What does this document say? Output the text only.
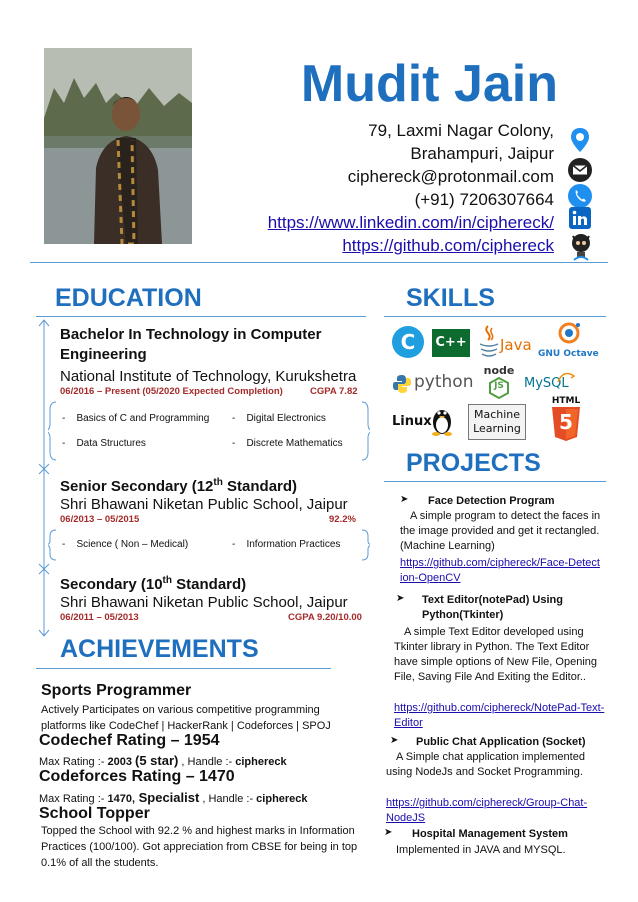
Mudit Jain
79, Laxmi Nagar Colony,
Brahampuri, Jaipur
ciphereck@protonmail.com
(+91) 7206307664
https://www.linkedin.com/in/ciphereck/
https://github.com/ciphereck
EDUCATION
Bachelor In Technology in Computer Engineering
National Institute of Technology, Kurukshetra
06/2016 – Present (05/2020 Expected Completion)	CGPA 7.82
-    Basics of C and Programming -    Digital Electronics
-    Data Structures	-    Discrete Mathematics
Senior Secondary (12th Standard)
Shri Bhawani Niketan Public School, Jaipur
06/2013 – 05/2015	92.2%
-    Science ( Non – Medical)	-    Information Practices
Secondary (10th Standard)
Shri Bhawani Niketan Public School, Jaipur
06/2011 – 05/2013	CGPA 9.20/10.00
ACHIEVEMENTS
Sports Programmer
Actively Participates on various competitive programming platforms like CodeChef | HackerRank | Codeforces | SPOJ
Codechef Rating – 1954
Max Rating :- 2003 (5 star) , Handle :- ciphereck
Codeforces Rating – 1470
Max Rating :- 1470, Specialist , Handle :- ciphereck
School Topper
Topped the School with 92.2 % and highest marks in Information Practices (100/100). Got appreciation from CBSE for being in top 0.1% of all the students.
SKILLS
C	C++ Java GNU Octave
python
node
JS	MySQL
Linux	Machine Learning
HTML
5
PROJECTS
➤ Face Detection Program
A simple program to detect the faces in the image provided and get it rectangled. (Machine Learning)
https://github.com/ciphereck/Face-Detection-OpenCV
➤ Text Editor(notePad) Using Python(Tkinter)
A simple Text Editor developed using Tkinter library in Python. The Text Editor have simple options of New File, Opening File, Saving File And Exiting the Editor..
https://github.com/ciphereck/NotePad-Text-Editor
➤ Public Chat Application (Socket)
A Simple chat application implemented using NodeJs and Socket Programming.
https://github.com/ciphereck/Group-Chat-NodeJS
➤ Hospital Management System
Implemented in JAVA and MYSQL.
